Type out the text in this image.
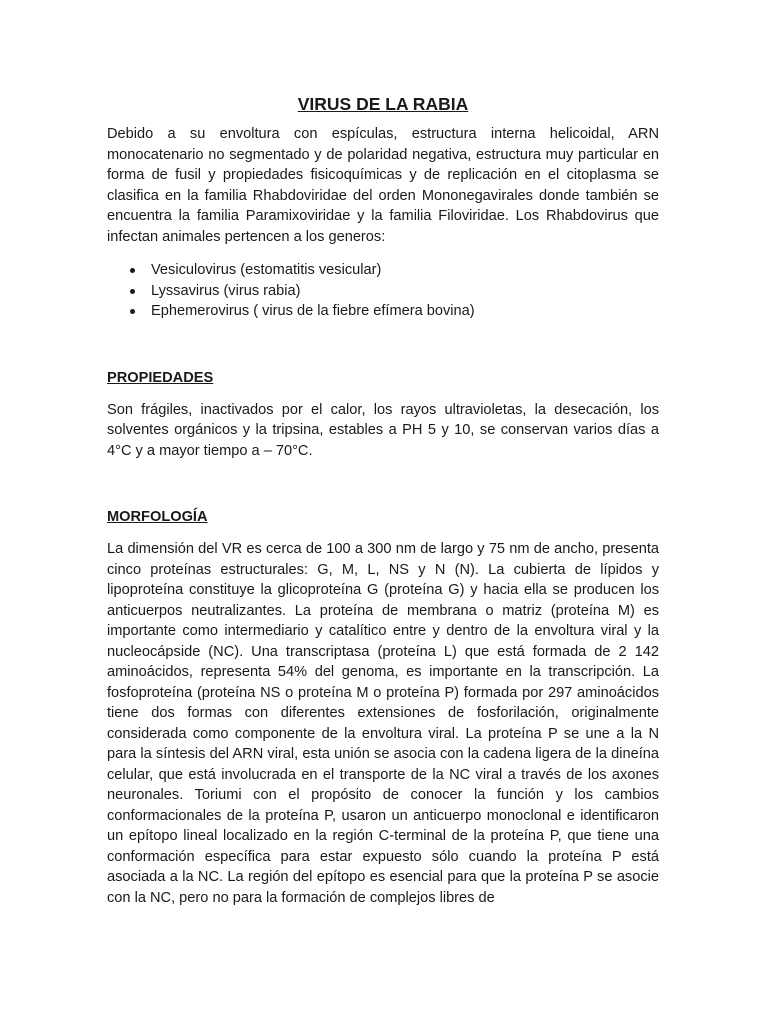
VIRUS DE LA RABIA

Debido a su envoltura con espículas, estructura interna helicoidal, ARN monocatenario no segmentado y de polaridad negativa, estructura muy particular en forma de fusil y propiedades fisicoquímicas y de replicación en el citoplasma se clasifica en la familia Rhabdoviridae del orden Mononegavirales donde también se encuentra la familia Paramixoviridae y la familia Filoviridae. Los Rhabdovirus que infectan animales pertencen a los generos:

Vesiculovirus (estomatitis vesicular)
Lyssavirus (virus rabia)
Ephemerovirus ( virus de la fiebre efímera bovina)
PROPIEDADES

Son frágiles, inactivados por el calor, los rayos ultravioletas, la desecación, los solventes orgánicos y la tripsina, estables a PH 5 y 10, se conservan varios días a 4°C y a mayor tiempo a – 70°C.

MORFOLOGÍA

La dimensión del VR es cerca de 100 a 300 nm de largo y 75 nm de ancho, presenta cinco proteínas estructurales: G, M, L, NS y N (N). La cubierta de lípidos y lipoproteína constituye la glicoproteína G (proteína G) y hacia ella se producen los anticuerpos neutralizantes. La proteína de membrana o matriz (proteína M) es importante como intermediario y catalítico entre y dentro de la envoltura viral y la nucleocápside (NC). Una transcriptasa (proteína L) que está formada de 2 142 aminoácidos, representa 54% del genoma, es importante en la transcripción. La fosfoproteína (proteína NS o proteína M o proteína P) formada por 297 aminoácidos tiene dos formas con diferentes extensiones de fosforilación, originalmente considerada como componente de la envoltura viral. La proteína P se une a la N para la síntesis del ARN viral, esta unión se asocia con la cadena ligera de la dineína celular, que está involucrada en el transporte de la NC viral a través de los axones neuronales. Toriumi con el propósito de conocer la función y los cambios conformacionales de la proteína P, usaron un anticuerpo monoclonal e identificaron un epítopo lineal localizado en la región C-terminal de la proteína P, que tiene una conformación específica para estar expuesto sólo cuando la proteína P está asociada a la NC. La región del epítopo es esencial para que la proteína P se asocie con la NC, pero no para la formación de complejos libres de
